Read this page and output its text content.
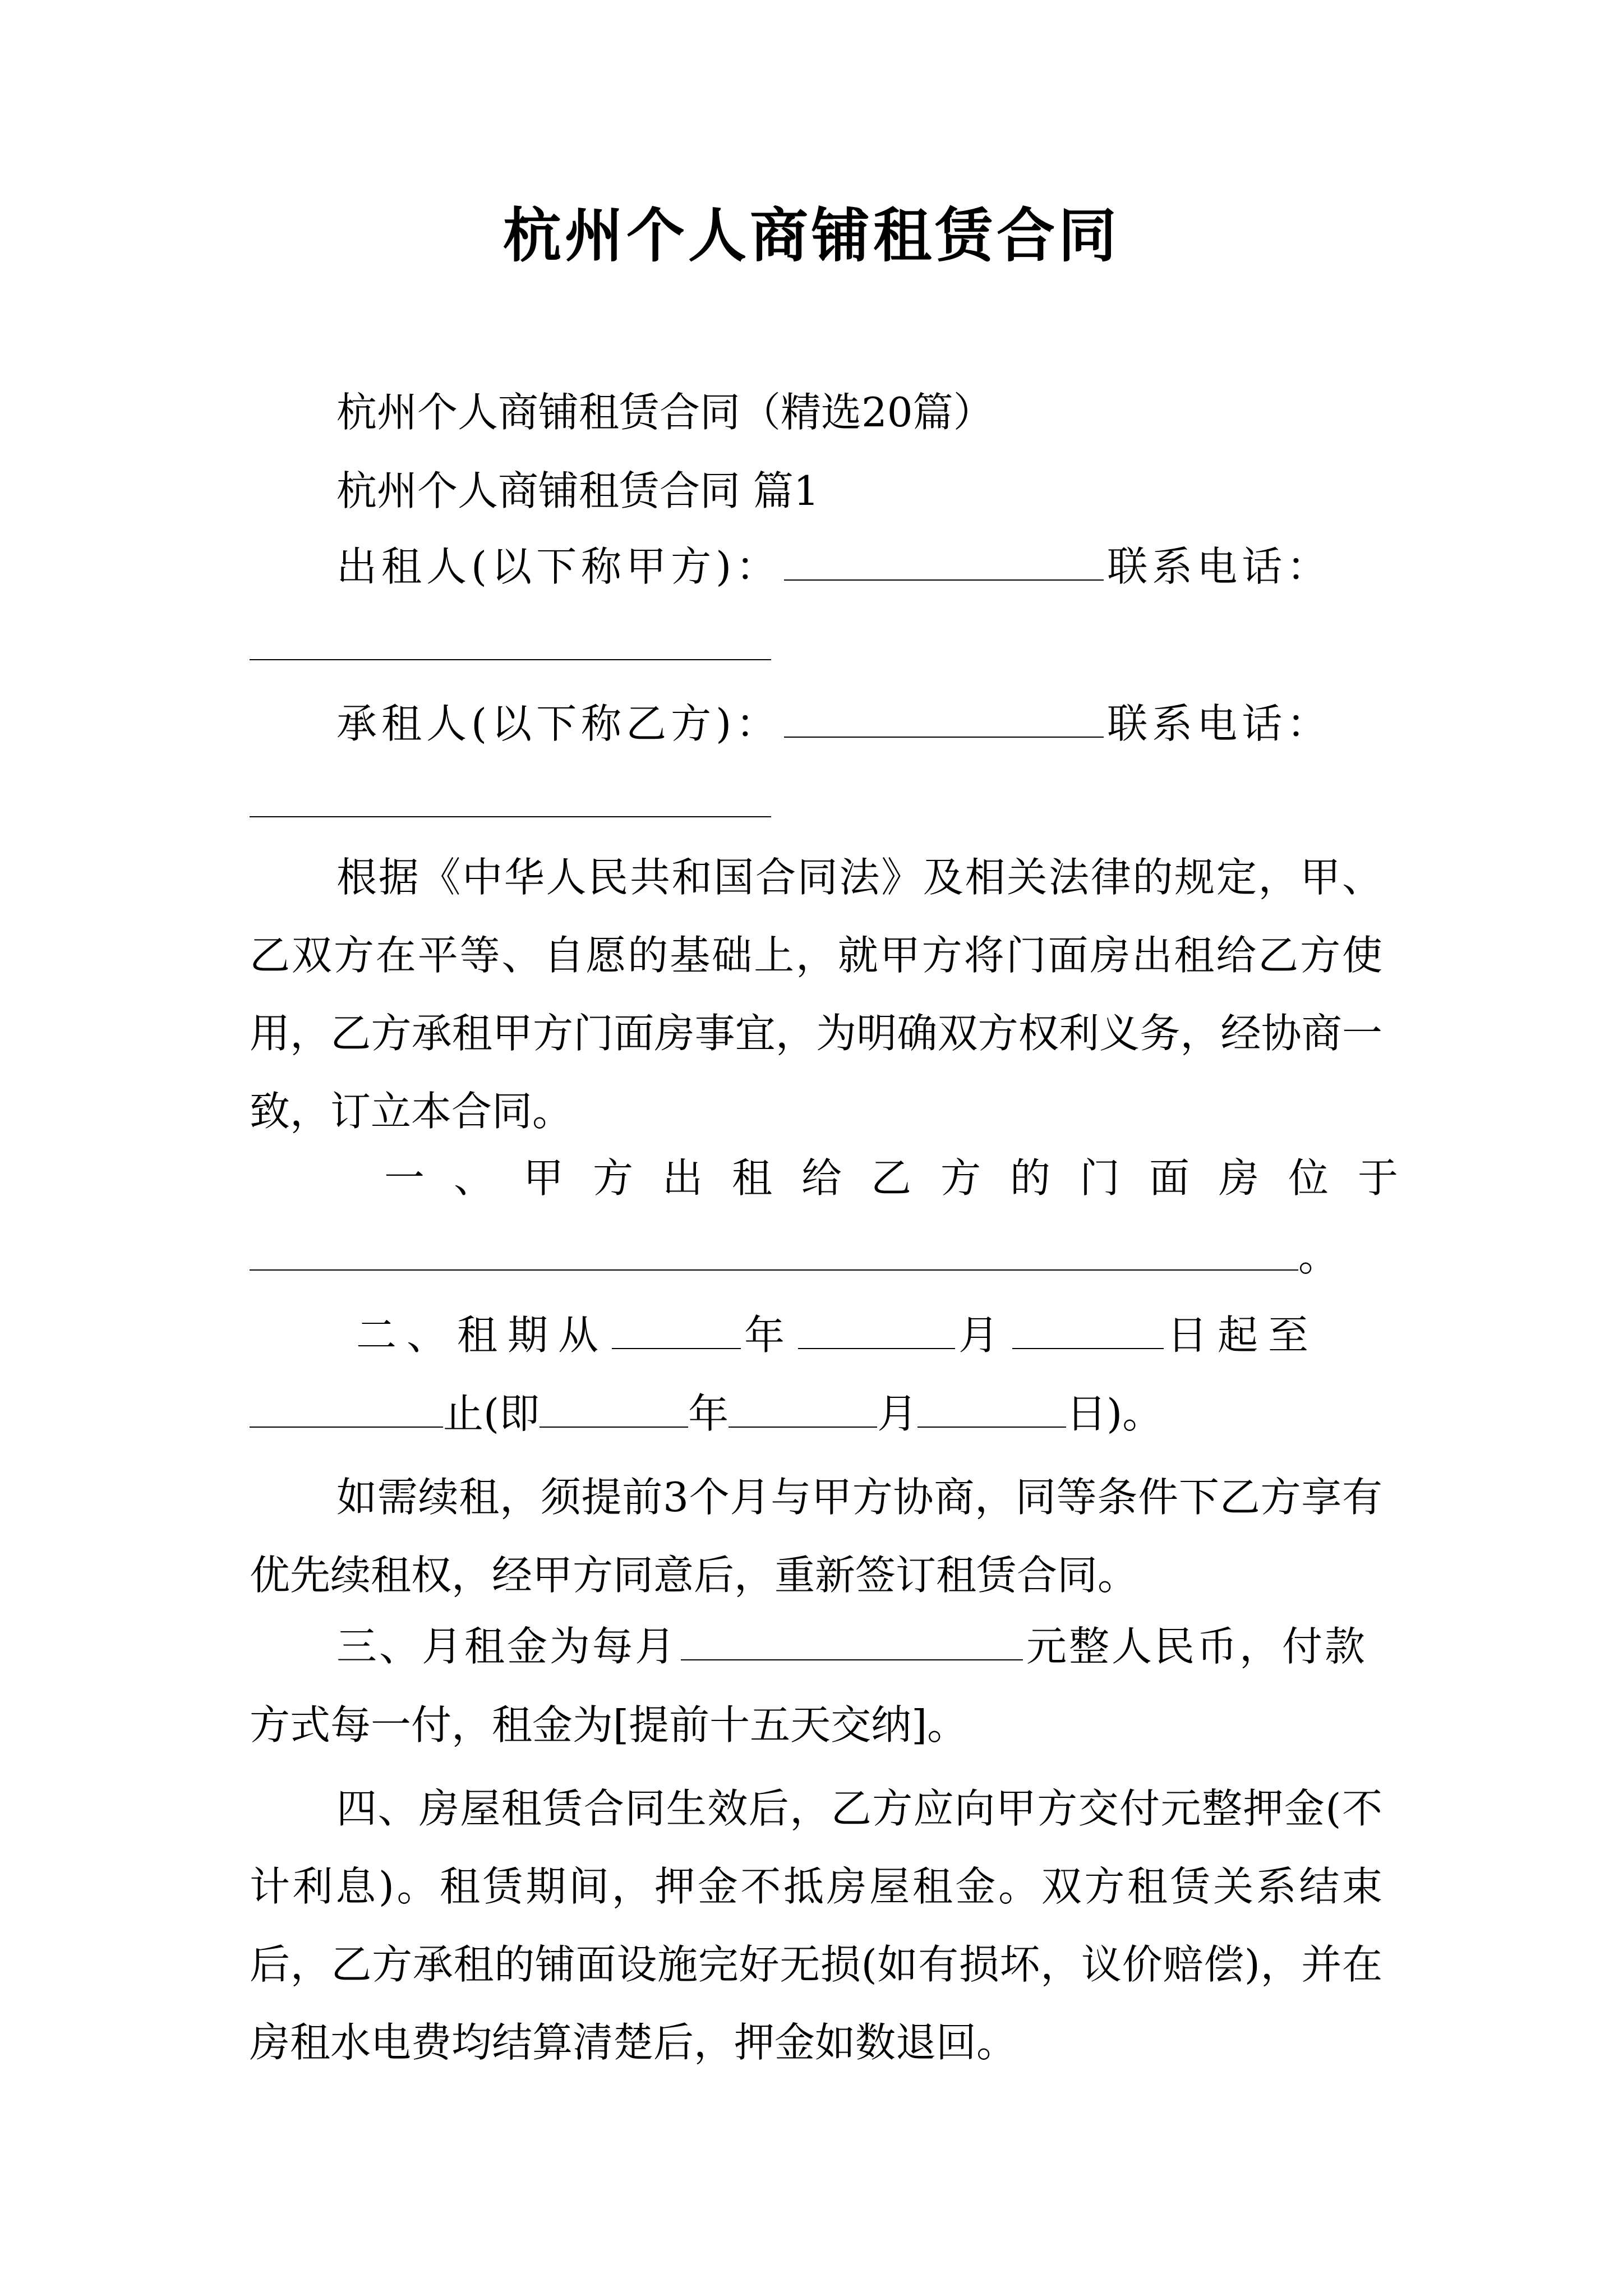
杭州个人商铺租赁合同
杭州个人商铺租赁合同（精选20篇）
杭州个人商铺租赁合同 篇1
出租人(以下称甲方)：	联系电话：
承租人(以下称乙方)：	联系电话：
根据《中华人民共和国合同法》及相关法律的规定，甲、乙双方在平等、自愿的基础上，就甲方将门面房出租给乙方使用，乙方承租甲方门面房事宜，为明确双方权利义务，经协商一致，订立本合同。
一、甲方出租给乙方的门面房位于
。
二、租期从	年	月	日起至
止(即	年	月	日)。
如需续租，须提前3个月与甲方协商，同等条件下乙方享有优先续租权，经甲方同意后，重新签订租赁合同。
三、月租金为每月	元整人民币，付款
方式每一付，租金为[提前十五天交纳]。
四、房屋租赁合同生效后，乙方应向甲方交付元整押金(不计利息)。租赁期间，押金不抵房屋租金。双方租赁关系结束后，乙方承租的铺面设施完好无损(如有损坏，议价赔偿)，并在房租水电费均结算清楚后，押金如数退回。
